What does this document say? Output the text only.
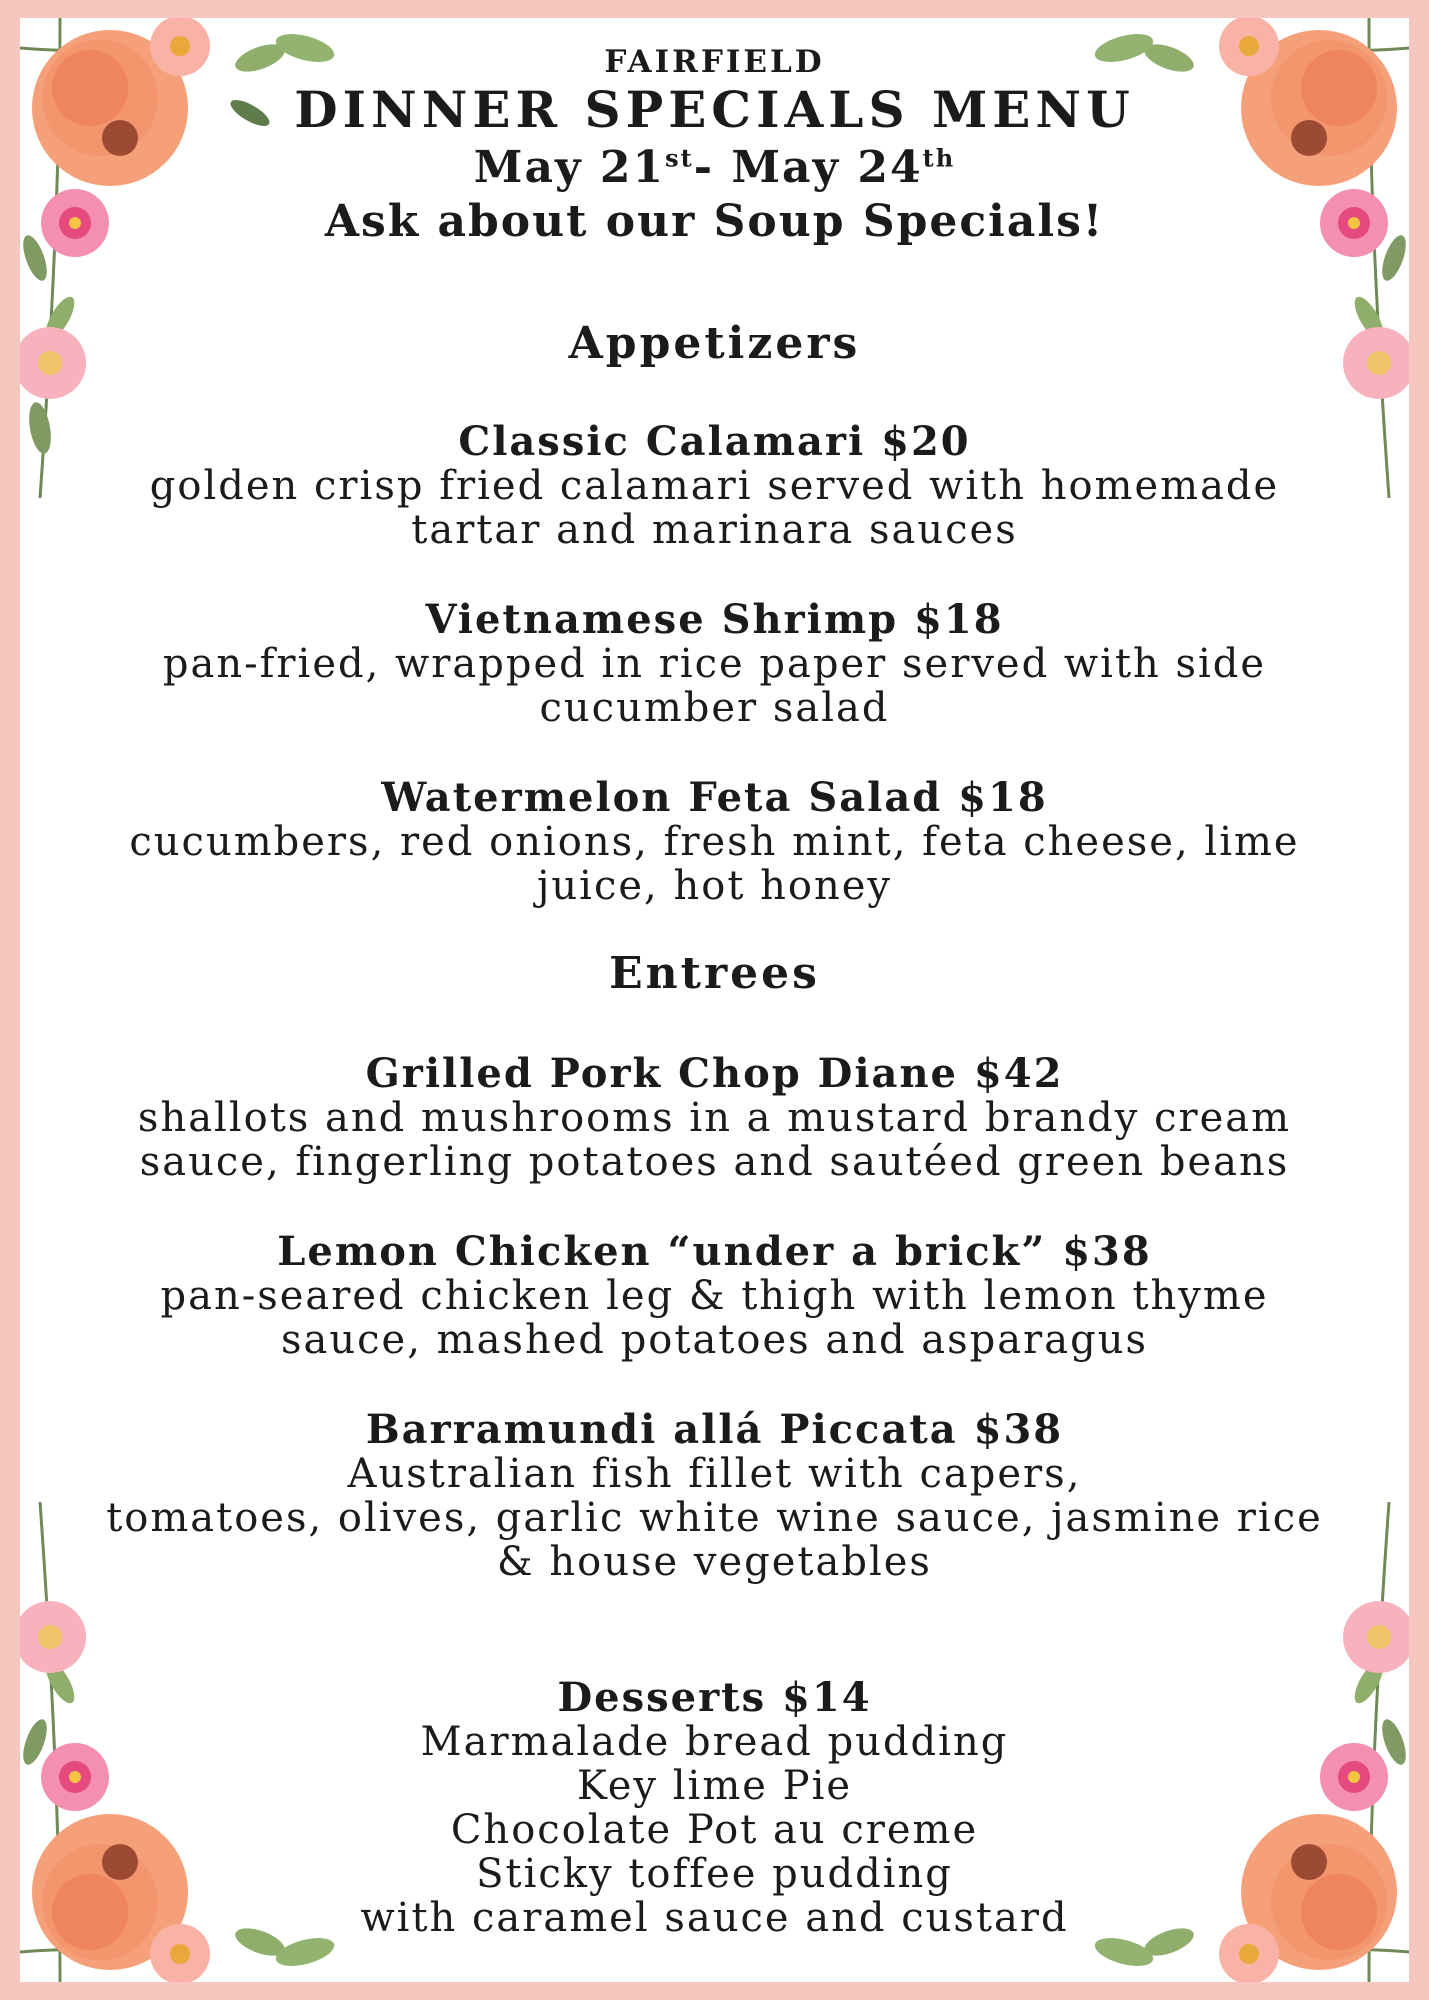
FAIRFIELD
DINNER SPECIALS MENU
May 21st- May 24th
Ask about our Soup Specials!
Appetizers
Classic Calamari $20
golden crisp fried calamari served with homemade
tartar and marinara sauces
Vietnamese Shrimp $18
pan-fried, wrapped in rice paper served with side
cucumber salad
Watermelon Feta Salad $18
cucumbers, red onions, fresh mint, feta cheese, lime
juice, hot honey
Entrees
Grilled Pork Chop Diane $42
shallots and mushrooms in a mustard brandy cream
sauce, fingerling potatoes and sautéed green beans
Lemon Chicken “under a brick” $38
pan-seared chicken leg & thigh with lemon thyme
sauce, mashed potatoes and asparagus
Barramundi allá Piccata $38
Australian fish fillet with capers,
tomatoes, olives, garlic white wine sauce, jasmine rice
& house vegetables
Desserts $14
Marmalade bread pudding
Key lime Pie
Chocolate Pot au creme
Sticky toffee pudding
with caramel sauce and custard
